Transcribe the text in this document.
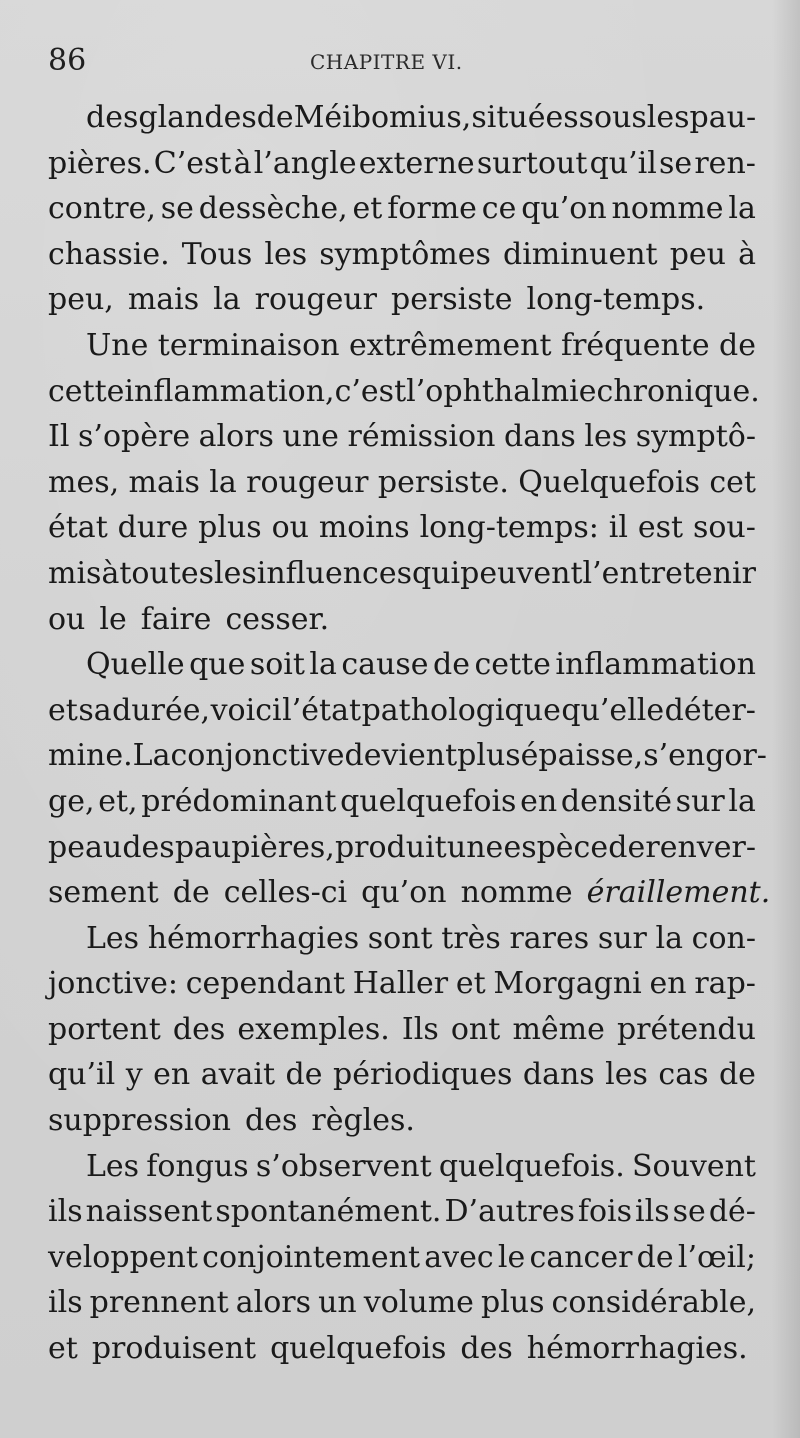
86	CHAPITRE VI.
des glandes de Méibomius, situées sous les pau-
pières. C’est à l’angle externe surtout qu’il se ren-
contre, se dessèche, et forme ce qu’on nomme la
chassie. Tous les symptômes diminuent peu à
peu, mais la rougeur persiste long-temps.
Une terminaison extrêmement fréquente de
cette inflammation, c’est l’ophthalmie chronique.
Il s’opère alors une rémission dans les symptô-
mes, mais la rougeur persiste. Quelquefois cet
état dure plus ou moins long-temps: il est sou-
mis à toutes les influences qui peuvent l’entretenir
ou le faire cesser.
Quelle que soit la cause de cette inflammation
et sa durée, voici l’état pathologique qu’elle déter-
mine. La conjonctive devient plus épaisse, s’engor-
ge, et, prédominant quelquefois en densité sur la
peau des paupières, produit une espèce de renver-
sement de celles-ci qu’on nomme éraillement.
Les hémorrhagies sont très rares sur la con-
jonctive: cependant Haller et Morgagni en rap-
portent des exemples. Ils ont même prétendu
qu’il y en avait de périodiques dans les cas de
suppression des règles.
Les fongus s’observent quelquefois. Souvent
ils naissent spontanément. D’autres fois ils se dé-
veloppent conjointement avec le cancer de l’œil;
ils prennent alors un volume plus considérable,
et produisent quelquefois des hémorrhagies.
